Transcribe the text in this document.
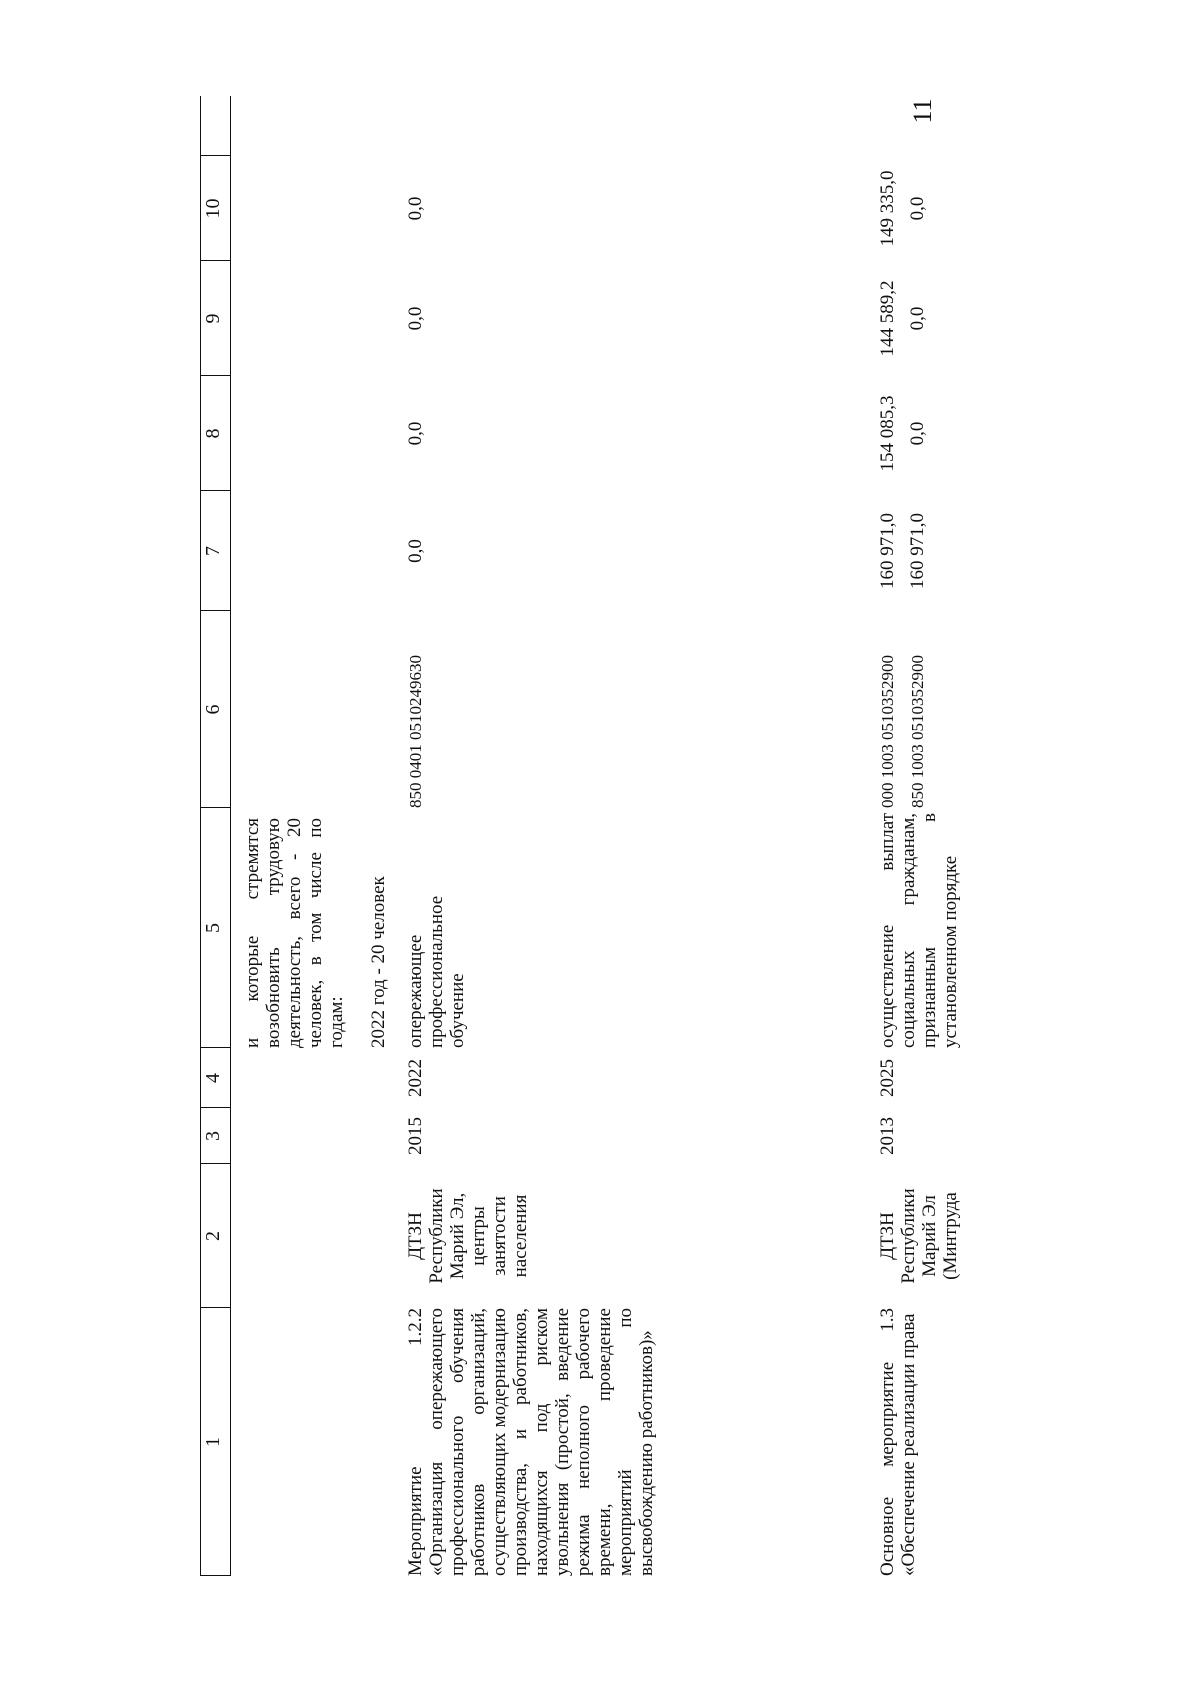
11
1
2
3
4
5
6
7
8
9
10
и которые стремятся возобновить трудовую деятельность, всего - 20 человек, в том числе по годам: 2022 год - 20 человек
Мероприятие 1.2.2 «Организация опережающего профессионального обучения работников организаций, осуществляющих модернизацию производства, и работников, находящихся под риском увольнения (простой, введение режима неполного рабочего времени, проведение мероприятий по высвобождению работников)»
ДТЗН Республики Марий Эл, центры занятости населения
2015
2022
опережающее профессиональное обучение
850 0401 0510249630
0,0
0,0
0,0
0,0
Основное мероприятие 1.3 «Обеспечение реализации права
ДТЗН Республики Марий Эл (Минтруда
2013
2025
осуществление выплат социальных гражданам, признанным в установленном порядке
000 1003 0510352900 850 1003 0510352900
160 971,0 160 971,0
154 085,3 0,0
144 589,2 0,0
149 335,0 0,0
